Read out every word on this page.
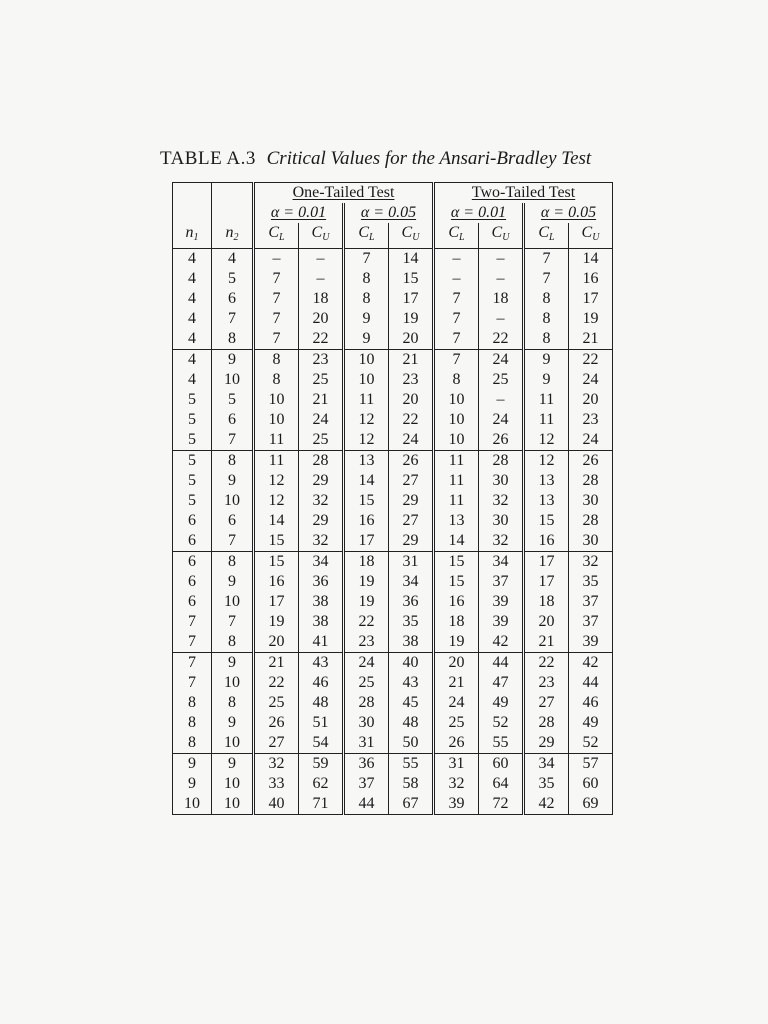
TABLE A.3 Critical Values for the Ansari-Bradley Test
		One-Tailed Test				Two-Tailed Test			
		α = 0.01		α = 0.05		α = 0.01		α = 0.05	
$n_1$	$n_2$	$C_L$	$C_U$	$C_L$	$C_U$	$C_L$	$C_U$	$C_L$	$C_U$
4	4	–	–	7	14	–	–	7	14
4	5	7	–	8	15	–	–	7	16
4	6	7	18	8	17	7	18	8	17
4	7	7	20	9	19	7	–	8	19
4	8	7	22	9	20	7	22	8	21
4	9	8	23	10	21	7	24	9	22
4	10	8	25	10	23	8	25	9	24
5	5	10	21	11	20	10	–	11	20
5	6	10	24	12	22	10	24	11	23
5	7	11	25	12	24	10	26	12	24
5	8	11	28	13	26	11	28	12	26
5	9	12	29	14	27	11	30	13	28
5	10	12	32	15	29	11	32	13	30
6	6	14	29	16	27	13	30	15	28
6	7	15	32	17	29	14	32	16	30
6	8	15	34	18	31	15	34	17	32
6	9	16	36	19	34	15	37	17	35
6	10	17	38	19	36	16	39	18	37
7	7	19	38	22	35	18	39	20	37
7	8	20	41	23	38	19	42	21	39
7	9	21	43	24	40	20	44	22	42
7	10	22	46	25	43	21	47	23	44
8	8	25	48	28	45	24	49	27	46
8	9	26	51	30	48	25	52	28	49
8	10	27	54	31	50	26	55	29	52
9	9	32	59	36	55	31	60	34	57
9	10	33	62	37	58	32	64	35	60
10	10	40	71	44	67	39	72	42	69
